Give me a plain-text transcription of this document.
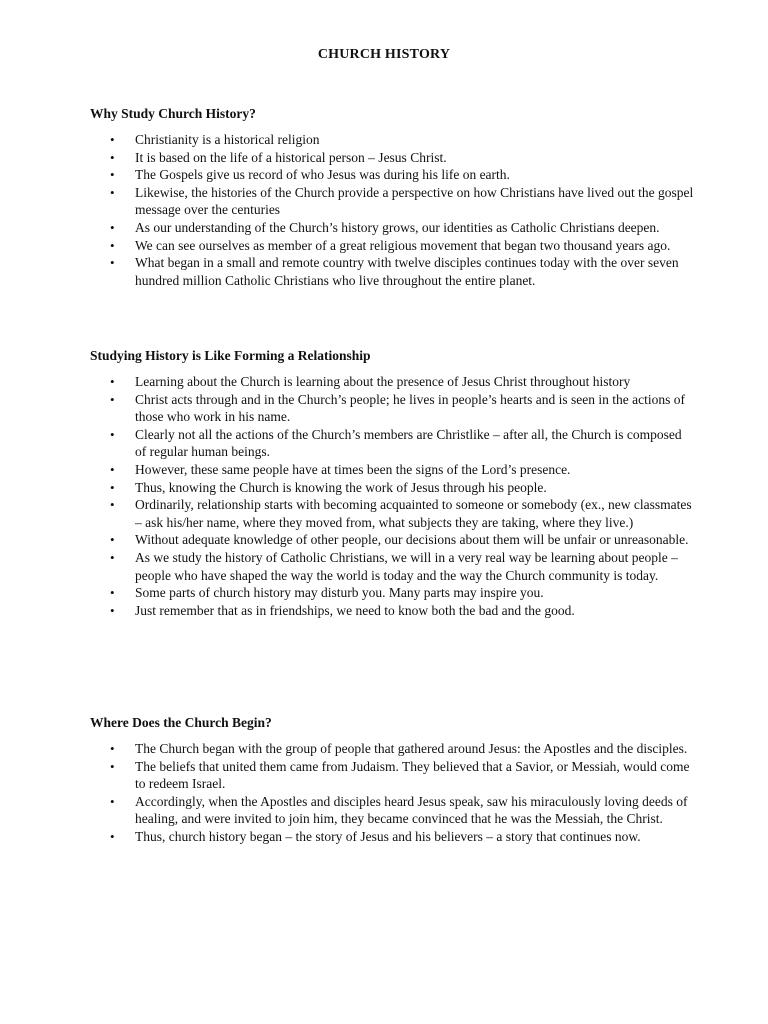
CHURCH HISTORY
Why Study Church History?
• Christianity is a historical religion
• It is based on the life of a historical person – Jesus Christ.
• The Gospels give us record of who Jesus was during his life on earth.
• Likewise, the histories of the Church provide a perspective on how Christians have lived out the gospel message over the centuries
• As our understanding of the Church’s history grows, our identities as Catholic Christians deepen.
• We can see ourselves as member of a great religious movement that began two thousand years ago.
• What began in a small and remote country with twelve disciples continues today with the over seven hundred million Catholic Christians who live throughout the entire planet.
Studying History is Like Forming a Relationship
• Learning about the Church is learning about the presence of Jesus Christ throughout history
• Christ acts through and in the Church’s people; he lives in people’s hearts and is seen in the actions of those who work in his name.
• Clearly not all the actions of the Church’s members are Christlike – after all, the Church is composed of regular human beings.
• However, these same people have at times been the signs of the Lord’s presence.
• Thus, knowing the Church is knowing the work of Jesus through his people.
• Ordinarily, relationship starts with becoming acquainted to someone or somebody (ex., new classmates – ask his/her name, where they moved from, what subjects they are taking, where they live.)
• Without adequate knowledge of other people, our decisions about them will be unfair or unreasonable.
• As we study the history of Catholic Christians, we will in a very real way be learning about people – people who have shaped the way the world is today and the way the Church community is today.
• Some parts of church history may disturb you. Many parts may inspire you.
• Just remember that as in friendships, we need to know both the bad and the good.
Where Does the Church Begin?
• The Church began with the group of people that gathered around Jesus: the Apostles and the disciples.
• The beliefs that united them came from Judaism. They believed that a Savior, or Messiah, would come to redeem Israel.
• Accordingly, when the Apostles and disciples heard Jesus speak, saw his miraculously loving deeds of healing, and were invited to join him, they became convinced that he was the Messiah, the Christ.
• Thus, church history began – the story of Jesus and his believers – a story that continues now.
